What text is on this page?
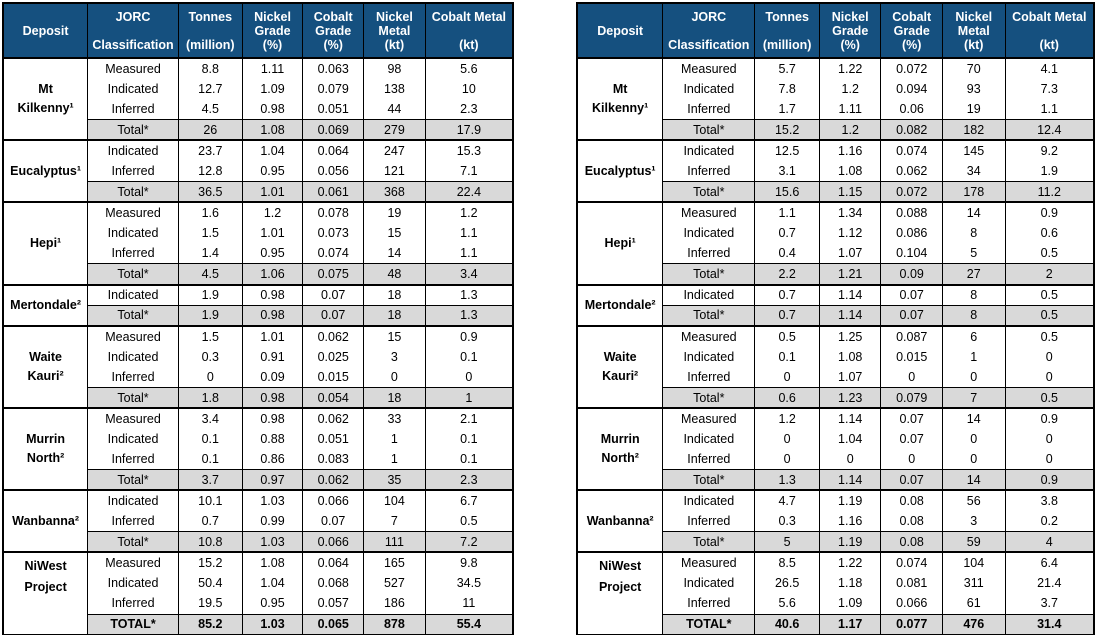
Deposit

JORC
Classification

Tonnes
(million)

Nickel Grade
(%)

Cobalt Grade
(%)

Nickel Metal
(kt)

Cobalt Metal
(kt)

Mt
Kilkenny¹	Measured	8.8	1.11	0.063	98	5.6
	Indicated	12.7	1.09	0.079	138	10
	Inferred	4.5	0.98	0.051	44	2.3
	Total*	26	1.08	0.069	279	17.9

Eucalyptus¹	Indicated	23.7	1.04	0.064	247	15.3
	Inferred	12.8	0.95	0.056	121	7.1
	Total*	36.5	1.01	0.061	368	22.4

Hepi¹	Measured	1.6	1.2	0.078	19	1.2
	Indicated	1.5	1.01	0.073	15	1.1
	Inferred	1.4	0.95	0.074	14	1.1
	Total*	4.5	1.06	0.075	48	3.4

Mertondale²	Indicated	1.9	0.98	0.07	18	1.3
	Total*	1.9	0.98	0.07	18	1.3

Waite
Kauri²	Measured	1.5	1.01	0.062	15	0.9
	Indicated	0.3	0.91	0.025	3	0.1
	Inferred	0	0.09	0.015	0	0
	Total*	1.8	0.98	0.054	18	1

Murrin
North²	Measured	3.4	0.98	0.062	33	2.1
	Indicated	0.1	0.88	0.051	1	0.1
	Inferred	0.1	0.86	0.083	1	0.1
	Total*	3.7	0.97	0.062	35	2.3

Wanbanna²	Indicated	10.1	1.03	0.066	104	6.7
	Inferred	0.7	0.99	0.07	7	0.5
	Total*	10.8	1.03	0.066	111	7.2

NiWest
Project	Measured	15.2	1.08	0.064	165	9.8
	Indicated	50.4	1.04	0.068	527	34.5
	Inferred	19.5	0.95	0.057	186	11
	TOTAL*	85.2	1.03	0.065	878	55.4
Deposit

JORC
Classification

Tonnes
(million)

Nickel Grade
(%)

Cobalt Grade
(%)

Nickel Metal
(kt)

Cobalt Metal
(kt)

Mt
Kilkenny¹	Measured	5.7	1.22	0.072	70	4.1
	Indicated	7.8	1.2	0.094	93	7.3
	Inferred	1.7	1.11	0.06	19	1.1
	Total*	15.2	1.2	0.082	182	12.4

Eucalyptus¹	Indicated	12.5	1.16	0.074	145	9.2
	Inferred	3.1	1.08	0.062	34	1.9
	Total*	15.6	1.15	0.072	178	11.2

Hepi¹	Measured	1.1	1.34	0.088	14	0.9
	Indicated	0.7	1.12	0.086	8	0.6
	Inferred	0.4	1.07	0.104	5	0.5
	Total*	2.2	1.21	0.09	27	2

Mertondale²	Indicated	0.7	1.14	0.07	8	0.5
	Total*	0.7	1.14	0.07	8	0.5

Waite
Kauri²	Measured	0.5	1.25	0.087	6	0.5
	Indicated	0.1	1.08	0.015	1	0
	Inferred	0	1.07	0	0	0
	Total*	0.6	1.23	0.079	7	0.5

Murrin
North²	Measured	1.2	1.14	0.07	14	0.9
	Indicated	0	1.04	0.07	0	0
	Inferred	0	0	0	0	0
	Total*	1.3	1.14	0.07	14	0.9

Wanbanna²	Indicated	4.7	1.19	0.08	56	3.8
	Inferred	0.3	1.16	0.08	3	0.2
	Total*	5	1.19	0.08	59	4

NiWest
Project	Measured	8.5	1.22	0.074	104	6.4
	Indicated	26.5	1.18	0.081	311	21.4
	Inferred	5.6	1.09	0.066	61	3.7
	TOTAL*	40.6	1.17	0.077	476	31.4
